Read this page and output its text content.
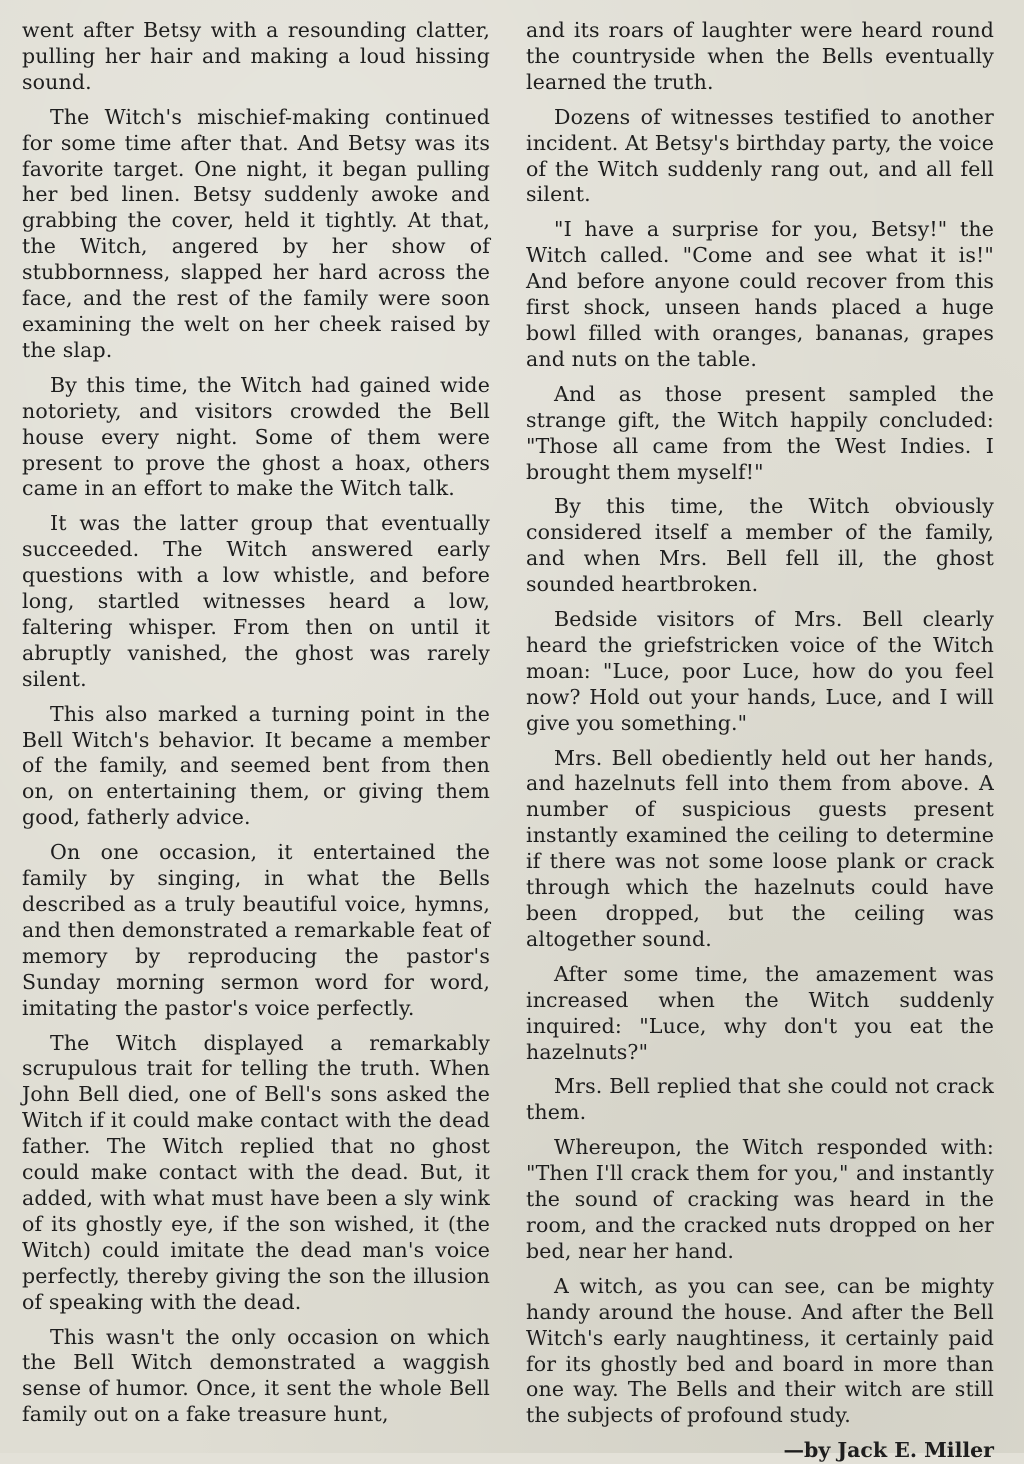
went after Betsy with a resounding clatter, pulling her hair and making a loud hissing sound.

The Witch's mischief-making continued for some time after that. And Betsy was its favorite target. One night, it began pulling her bed linen. Betsy suddenly awoke and grabbing the cover, held it tightly. At that, the Witch, angered by her show of stubbornness, slapped her hard across the face, and the rest of the family were soon examining the welt on her cheek raised by the slap.

By this time, the Witch had gained wide notoriety, and visitors crowded the Bell house every night. Some of them were present to prove the ghost a hoax, others came in an effort to make the Witch talk.

It was the latter group that eventually succeeded. The Witch answered early questions with a low whistle, and before long, startled witnesses heard a low, faltering whisper. From then on until it abruptly vanished, the ghost was rarely silent.

This also marked a turning point in the Bell Witch's behavior. It became a member of the family, and seemed bent from then on, on entertaining them, or giving them good, fatherly advice.

On one occasion, it entertained the family by singing, in what the Bells described as a truly beautiful voice, hymns, and then demonstrated a remarkable feat of memory by reproducing the pastor's Sunday morning sermon word for word, imitating the pastor's voice perfectly.

The Witch displayed a remarkably scrupulous trait for telling the truth. When John Bell died, one of Bell's sons asked the Witch if it could make contact with the dead father. The Witch replied that no ghost could make contact with the dead. But, it added, with what must have been a sly wink of its ghostly eye, if the son wished, it (the Witch) could imitate the dead man's voice perfectly, thereby giving the son the illusion of speaking with the dead.

This wasn't the only occasion on which the Bell Witch demonstrated a waggish sense of humor. Once, it sent the whole Bell family out on a fake treasure hunt,

and its roars of laughter were heard round the countryside when the Bells eventually learned the truth.

Dozens of witnesses testified to another incident. At Betsy's birthday party, the voice of the Witch suddenly rang out, and all fell silent.

"I have a surprise for you, Betsy!" the Witch called. "Come and see what it is!" And before anyone could recover from this first shock, unseen hands placed a huge bowl filled with oranges, bananas, grapes and nuts on the table.

And as those present sampled the strange gift, the Witch happily concluded: "Those all came from the West Indies. I brought them myself!"

By this time, the Witch obviously considered itself a member of the family, and when Mrs. Bell fell ill, the ghost sounded heartbroken.

Bedside visitors of Mrs. Bell clearly heard the griefstricken voice of the Witch moan: "Luce, poor Luce, how do you feel now? Hold out your hands, Luce, and I will give you something."

Mrs. Bell obediently held out her hands, and hazelnuts fell into them from above. A number of suspicious guests present instantly examined the ceiling to determine if there was not some loose plank or crack through which the hazelnuts could have been dropped, but the ceiling was altogether sound.

After some time, the amazement was increased when the Witch suddenly inquired: "Luce, why don't you eat the hazelnuts?"

Mrs. Bell replied that she could not crack them.

Whereupon, the Witch responded with: "Then I'll crack them for you," and instantly the sound of cracking was heard in the room, and the cracked nuts dropped on her bed, near her hand.

A witch, as you can see, can be mighty handy around the house. And after the Bell Witch's early naughtiness, it certainly paid for its ghostly bed and board in more than one way. The Bells and their witch are still the subjects of profound study.

—by Jack E. Miller
